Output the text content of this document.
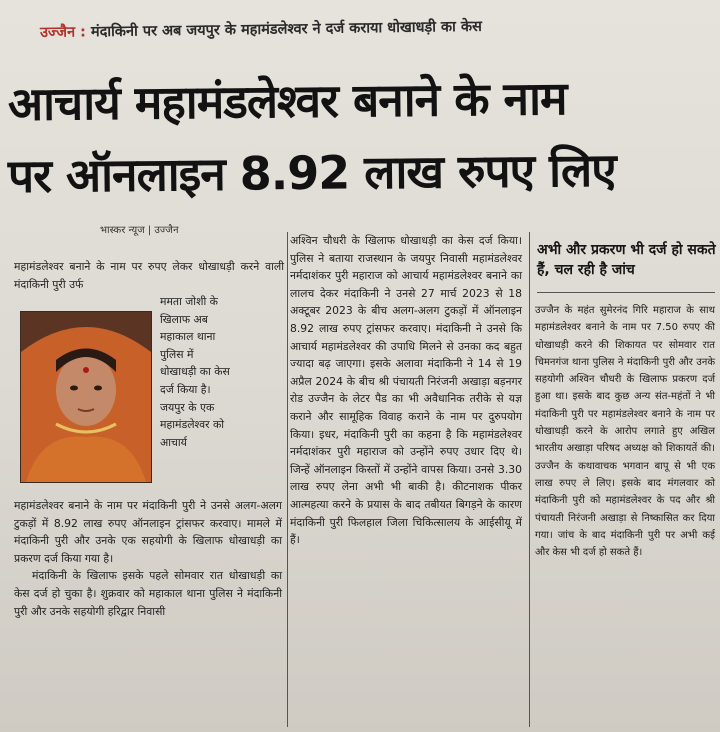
उज्जैन : मंदाकिनी पर अब जयपुर के महामंडलेश्वर ने दर्ज कराया धोखाधड़ी का केस
आचार्य महामंडलेश्वर बनाने के नाम
पर ऑनलाइन 8.92 लाख रुपए लिए
भास्कर न्यूज | उज्जैन
महामंडलेश्वर बनाने के नाम पर रुपए लेकर धोखाधड़ी करने वाली मंदाकिनी पुरी उर्फ
ममता जोशी के
खिलाफ अब
महाकाल थाना
पुलिस में
धोखाधड़ी का केस
दर्ज किया है।
जयपुर के एक
महामंडलेश्वर को
आचार्य

महामंडलेश्वर बनाने के नाम पर मंदाकिनी पुरी ने उनसे अलग-अलग टुकड़ों में 8.92 लाख रुपए ऑनलाइन ट्रांसफर करवाए। मामले में मंदाकिनी पुरी और उनके एक सहयोगी के खिलाफ धोखाधड़ी का प्रकरण दर्ज किया गया है।

मंदाकिनी के खिलाफ इसके पहले सोमवार रात धोखाधड़ी का केस दर्ज हो चुका है। शुक्रवार को महाकाल थाना पुलिस ने मंदाकिनी पुरी और उनके सहयोगी हरिद्वार निवासी

अश्विन चौधरी के खिलाफ धोखाधड़ी का केस दर्ज किया। पुलिस ने बताया राजस्थान के जयपुर निवासी महामंडलेश्वर नर्मदाशंकर पुरी महाराज को आचार्य महामंडलेश्वर बनाने का लालच देकर मंदाकिनी ने उनसे 27 मार्च 2023 से 18 अक्टूबर 2023 के बीच अलग-अलग टुकड़ों में ऑनलाइन 8.92 लाख रुपए ट्रांसफर करवाए। मंदाकिनी ने उनसे कि आचार्य महामंडलेश्वर की उपाधि मिलने से उनका कद बहुत ज्यादा बढ़ जाएगा। इसके अलावा मंदाकिनी ने 14 से 19 अप्रैल 2024 के बीच श्री पंचायती निरंजनी अखाड़ा बड़नगर रोड उज्जैन के लेटर पैड का भी अवैधानिक तरीके से यज्ञ कराने और सामूहिक विवाह कराने के नाम पर दुरुपयोग किया। इधर, मंदाकिनी पुरी का कहना है कि महामंडलेश्वर नर्मदाशंकर पुरी महाराज को उन्होंने रुपए उधार दिए थे। जिन्हें ऑनलाइन किस्तों में उन्होंने वापस किया। उनसे 3.30 लाख रुपए लेना अभी भी बाकी है। कीटनाशक पीकर आत्महत्या करने के प्रयास के बाद तबीयत बिगड़ने के कारण मंदाकिनी पुरी फिलहाल जिला चिकित्सालय के आईसीयू में हैं।
अभी और प्रकरण भी दर्ज हो सकते हैं, चल रही है जांच
उज्जैन के महंत सुमेरनंद गिरि महाराज के साथ महामंडलेश्वर बनाने के नाम पर 7.50 रुपए की धोखाधड़ी करने की शिकायत पर सोमवार रात चिमनगंज थाना पुलिस ने मंदाकिनी पुरी और उनके सहयोगी अश्विन चौधरी के खिलाफ प्रकरण दर्ज हुआ था। इसके बाद कुछ अन्य संत-महंतों ने भी मंदाकिनी पुरी पर महामंडलेश्वर बनाने के नाम पर धोखाधड़ी करने के आरोप लगाते हुए अखिल भारतीय अखाड़ा परिषद अध्यक्ष को शिकायतें की। उज्जैन के कथावाचक भगवान बापू से भी एक लाख रुपए ले लिए। इसके बाद मंगलवार को मंदाकिनी पुरी को महामंडलेश्वर के पद और श्री पंचायती निरंजनी अखाड़ा से निष्कासित कर दिया गया। जांच के बाद मंदाकिनी पुरी पर अभी कई और केस भी दर्ज हो सकते हैं।
